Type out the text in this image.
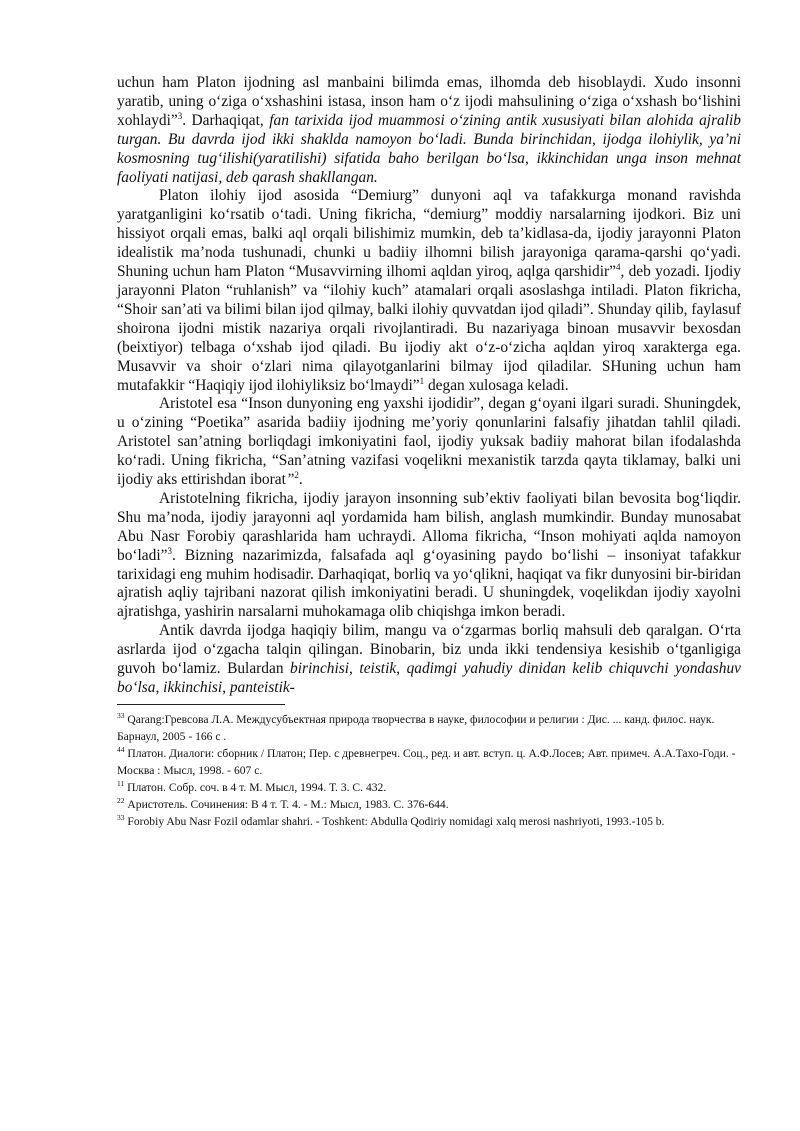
uchun ham Platon ijodning asl manbaini bilimda emas, ilhomda deb hisoblaydi. Xudo insonni yaratib, uning o‘ziga o‘xshashini istasa, inson ham o‘z ijodi mahsulining o‘ziga o‘xshash bo‘lishini xohlaydi”$^3$. Darhaqiqat, fan tarixida ijod muammosi o‘zining antik xususiyati bilan alohida ajralib turgan. Bu davrda ijod ikki shaklda namoyon bo‘ladi. Bunda birinchidan, ijodga ilohiylik, ya’ni kosmosning tug‘ilishi(yaratilishi) sifatida baho berilgan bo‘lsa, ikkinchidan unga inson mehnat faoliyati natijasi, deb qarash shakllangan.

Platon ilohiy ijod asosida “Demiurg” dunyoni aql va tafakkurga monand ravishda yaratganligini ko‘rsatib o‘tadi. Uning fikricha, “demiurg” moddiy narsalarning ijodkori. Biz uni hissiyot orqali emas, balki aql orqali bilishimiz mumkin, deb ta’kidlasa-da, ijodiy jarayonni Platon idealistik ma’noda tushunadi, chunki u badiiy ilhomni bilish jarayoniga qarama-qarshi qo‘yadi. Shuning uchun ham Platon “Musavvirning ilhomi aqldan yiroq, aqlga qarshidir”$^4$, deb yozadi. Ijodiy jarayonni Platon “ruhlanish” va “ilohiy kuch” atamalari orqali asoslashga intiladi. Platon fikricha, “Shoir san’ati va bilimi bilan ijod qilmay, balki ilohiy quvvatdan ijod qiladi”. Shunday qilib, faylasuf shoirona ijodni mistik nazariya orqali rivojlantiradi. Bu nazariyaga binoan musavvir bexosdan (beixtiyor) telbaga o‘xshab ijod qiladi. Bu ijodiy akt o‘z-o‘zicha aqldan yiroq xarakterga ega. Musavvir va shoir o‘zlari nima qilayotganlarini bilmay ijod qiladilar. SHuning uchun ham mutafakkir “Haqiqiy ijod ilohiyliksiz bo‘lmaydi”$^1$ degan xulosaga keladi.

Aristotel esa “Inson dunyoning eng yaxshi ijodidir”, degan g‘oyani ilgari suradi. Shuningdek, u o‘zining “Poetika” asarida badiiy ijodning me’yoriy qonunlarini falsafiy jihatdan tahlil qiladi. Aristotel san’atning borliqdagi imkoniyatini faol, ijodiy yuksak badiiy mahorat bilan ifodalashda ko‘radi. Uning fikricha, “San’atning vazifasi voqelikni mexanistik tarzda qayta tiklamay, balki uni ijodiy aks ettirishdan iborat”$^2$.

Aristotelning fikricha, ijodiy jarayon insonning sub’ektiv faoliyati bilan bevosita bog‘liqdir. Shu ma’noda, ijodiy jarayonni aql yordamida ham bilish, anglash mumkindir. Bunday munosabat Abu Nasr Forobiy qarashlarida ham uchraydi. Alloma fikricha, “Inson mohiyati aqlda namoyon bo‘ladi”$^3$. Bizning nazarimizda, falsafada aql g‘oyasining paydo bo‘lishi – insoniyat tafakkur tarixidagi eng muhim hodisadir. Darhaqiqat, borliq va yo‘qlikni, haqiqat va fikr dunyosini bir-biridan ajratish aqliy tajribani nazorat qilish imkoniyatini beradi. U shuningdek, voqelikdan ijodiy xayolni ajratishga, yashirin narsalarni muhokamaga olib chiqishga imkon beradi.

Antik davrda ijodga haqiqiy bilim, mangu va o‘zgarmas borliq mahsuli deb qaralgan. O‘rta asrlarda ijod o‘zgacha talqin qilingan. Binobarin, biz unda ikki tendensiya kesishib o‘tganligiga guvoh bo‘lamiz. Bulardan birinchisi, teistik, qadimgi yahudiy dinidan kelib chiquvchi yondashuv bo‘lsa, ikkinchisi, panteistik-

$^{33}$ Qarang:Гревсова Л.А. Междусубъектная природа творчества в науке, философии и религии : Дис. ... канд. филос. наук. Барнаул, 2005 - 166 с .

$^{44}$ Платон. Диалоги: сборник / Платон; Пер. с древнегреч. Соц., ред. и авт. вступ. ц. А.Ф.Лосев; Авт. примеч. А.А.Тахо-Годи. - Москва : Мысл, 1998. - 607 с.

$^{11}$ Платон. Собр. соч. в 4 т. М. Мысл, 1994. Т. 3. С. 432.

$^{22}$ Аристотель. Сочинения: В 4 т. Т. 4. - М.: Мысл, 1983. С. 376-644.

$^{33}$ Forobiy Abu Nasr Fozil odamlar shahri. - Toshkent: Abdulla Qodiriy nomidagi xalq merosi nashriyoti, 1993.-105 b.
